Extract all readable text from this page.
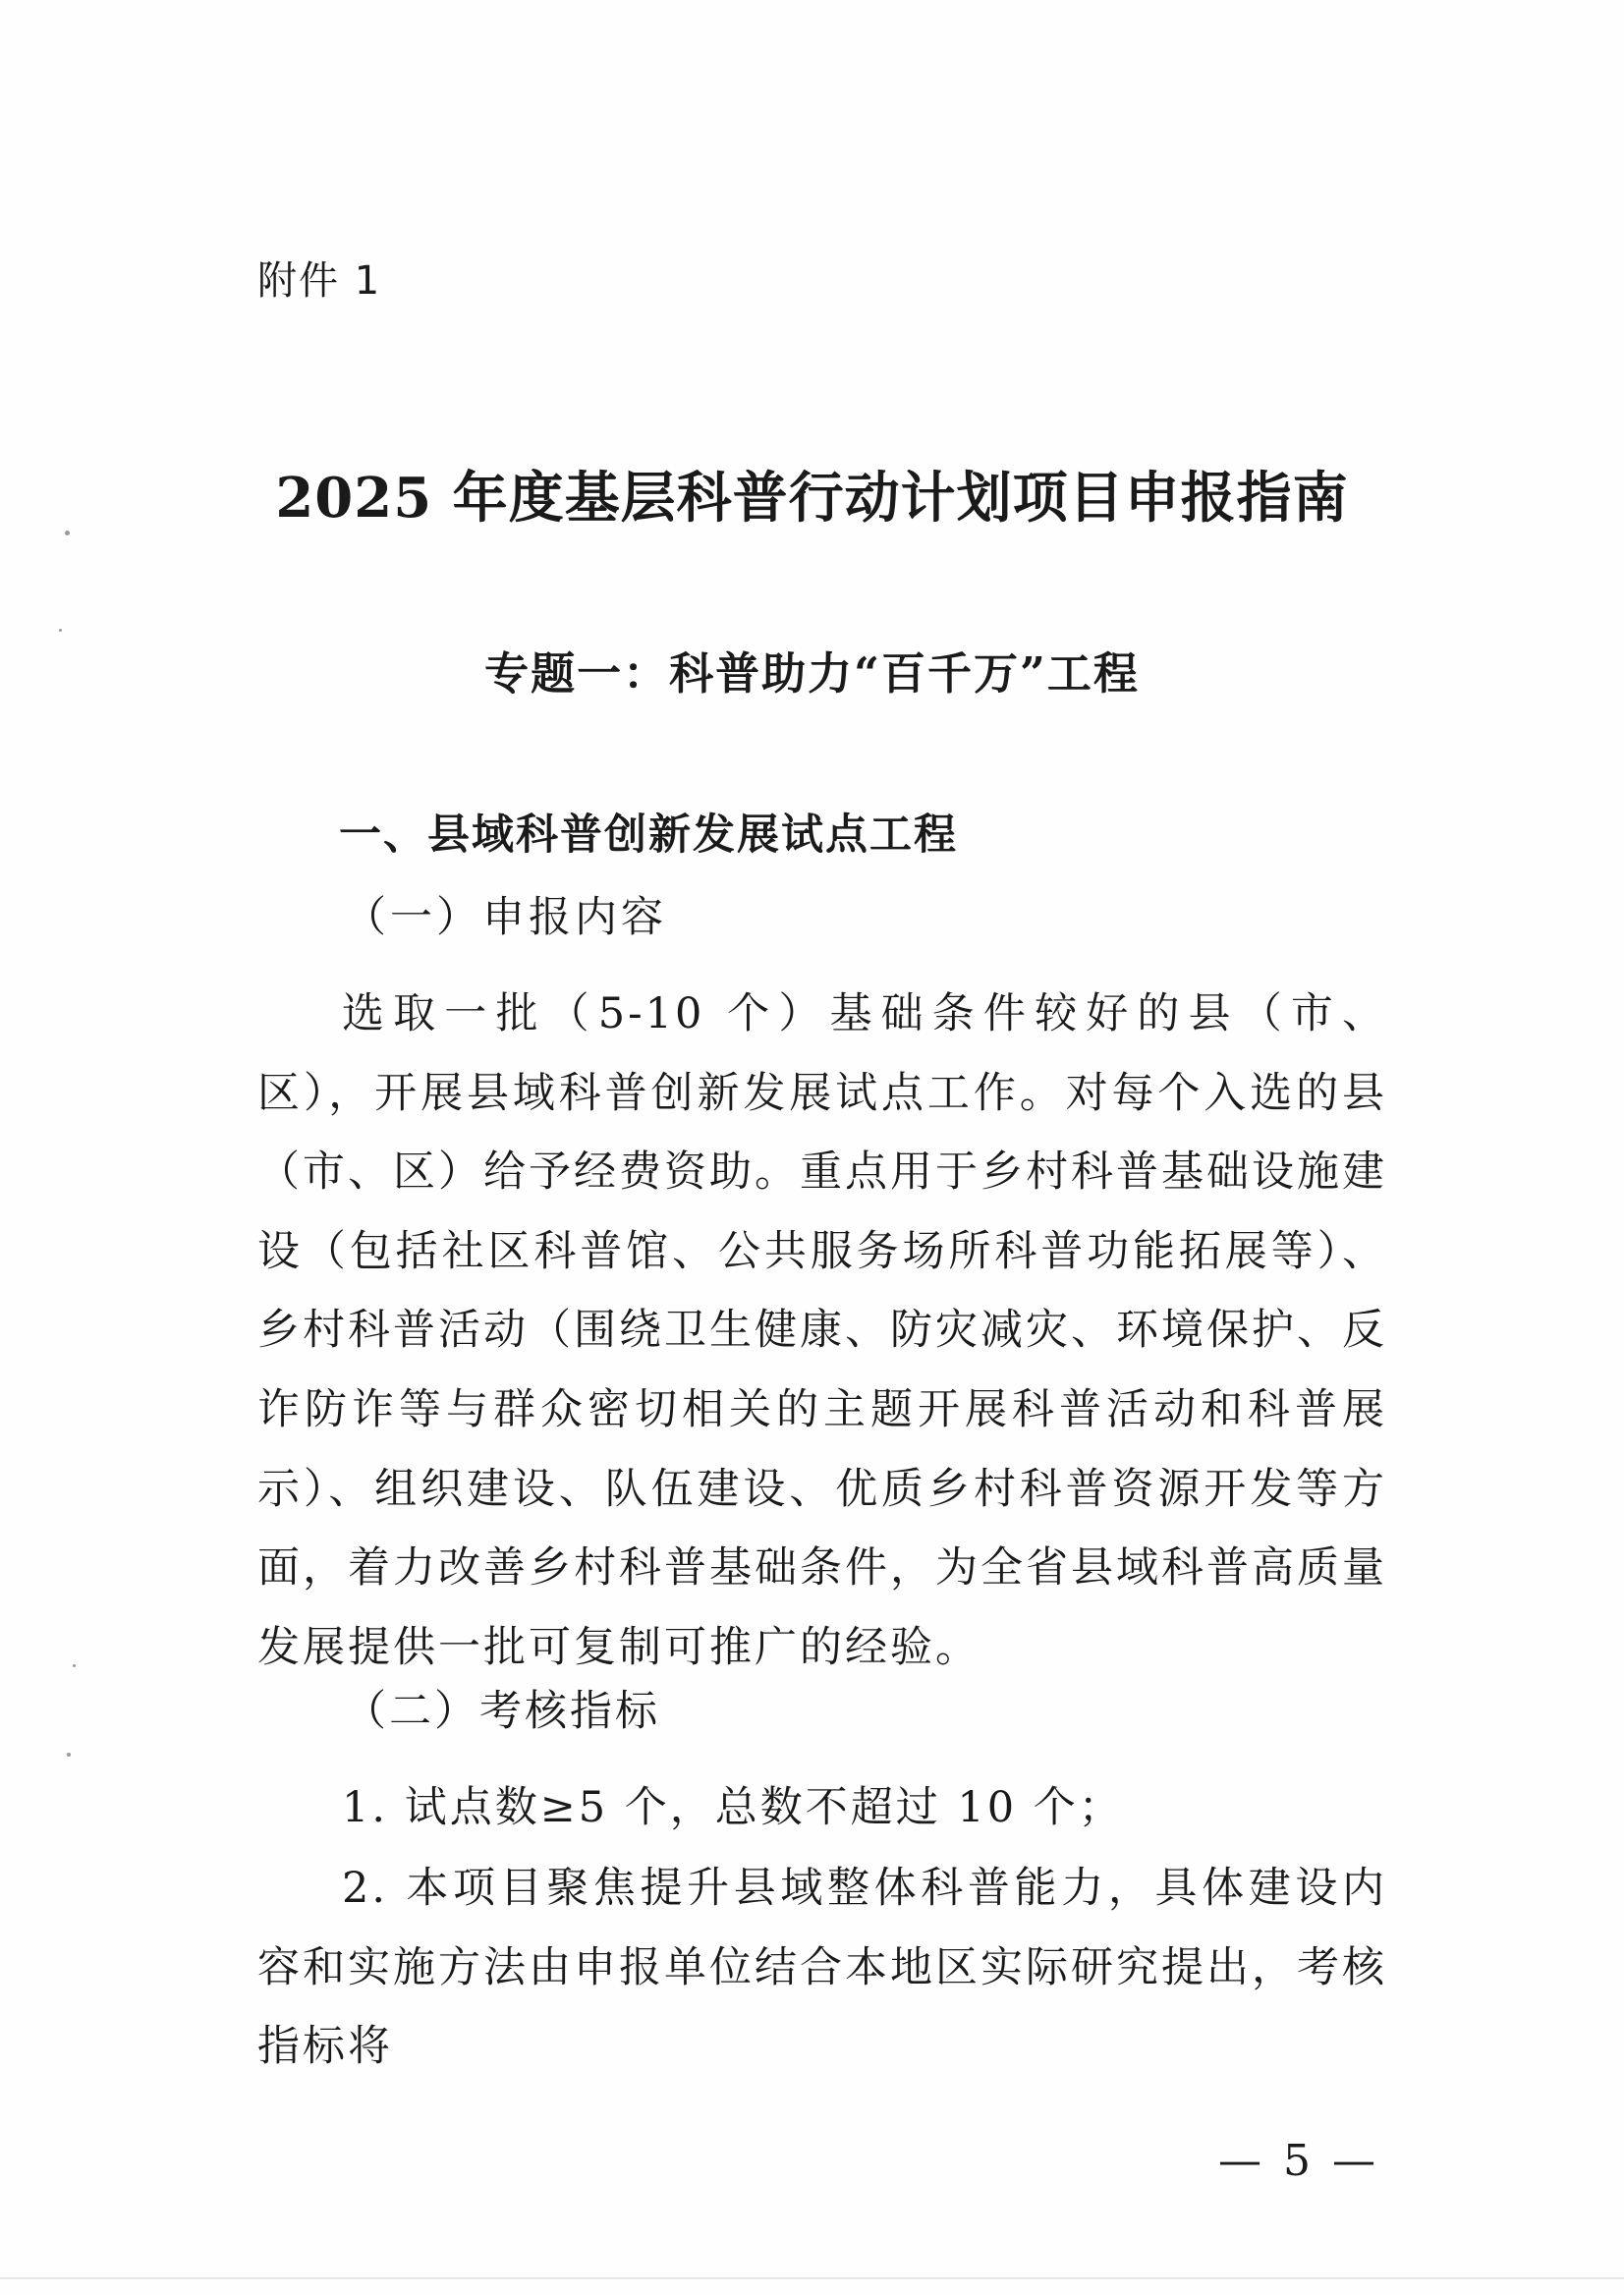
附件 1
2025 年度基层科普行动计划项目申报指南
专题一：科普助力“百千万”工程
一、县域科普创新发展试点工程
（一）申报内容

选取一批（5-10 个）基础条件较好的县（市、区），开展县域科普创新发展试点工作。对每个入选的县（市、区）给予经费资助。重点用于乡村科普基础设施建设（包括社区科普馆、公共服务场所科普功能拓展等）、乡村科普活动（围绕卫生健康、防灾减灾、环境保护、反诈防诈等与群众密切相关的主题开展科普活动和科普展示）、组织建设、队伍建设、优质乡村科普资源开发等方面，着力改善乡村科普基础条件，为全省县域科普高质量发展提供一批可复制可推广的经验。

（二）考核指标

1. 试点数≥5 个，总数不超过 10 个；

2. 本项目聚焦提升县域整体科普能力，具体建设内容和实施方法由申报单位结合本地区实际研究提出，考核指标将

— 5 —
